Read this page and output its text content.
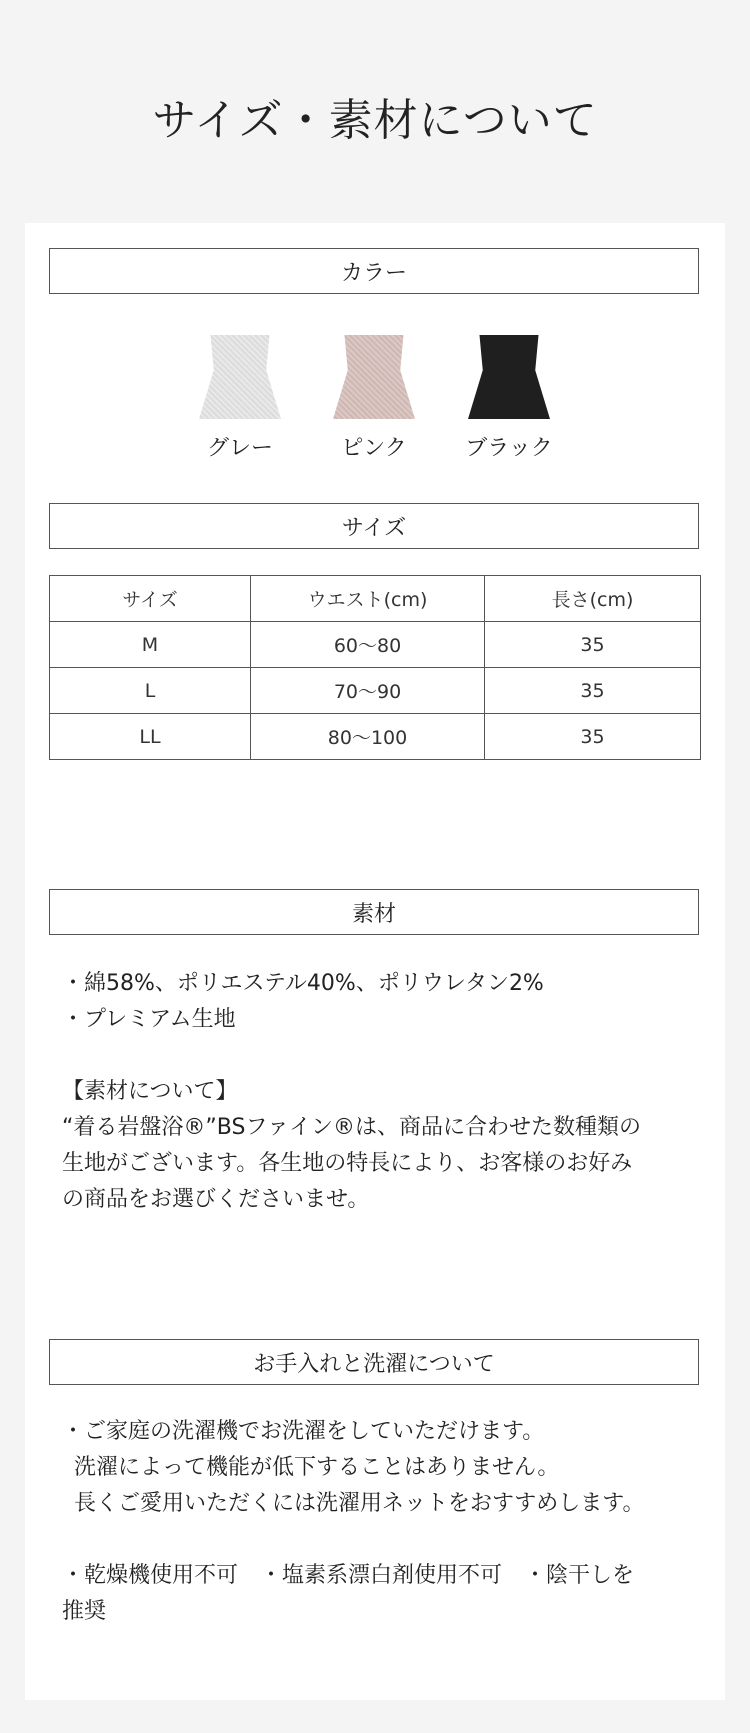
サイズ・素材について
カラー
グレー	ピンク	ブラック
サイズ
サイズ	ウエスト(cm)	長さ(cm)
M	60〜80	35
L	70〜90	35
LL	80〜100	35
素材

・綿58%、ポリエステル40%、ポリウレタン2%

・プレミアム生地

【素材について】

“着る岩盤浴®”BSファイン®は、商品に合わせた数種類の

生地がございます。各生地の特長により、お客様のお好み

の商品をお選びくださいませ。

お手入れと洗濯について

・ご家庭の洗濯機でお洗濯をしていただけます。

洗濯によって機能が低下することはありません。

長くご愛用いただくには洗濯用ネットをおすすめします。

・乾燥機使用不可　・塩素系漂白剤使用不可　・陰干しを

推奨
